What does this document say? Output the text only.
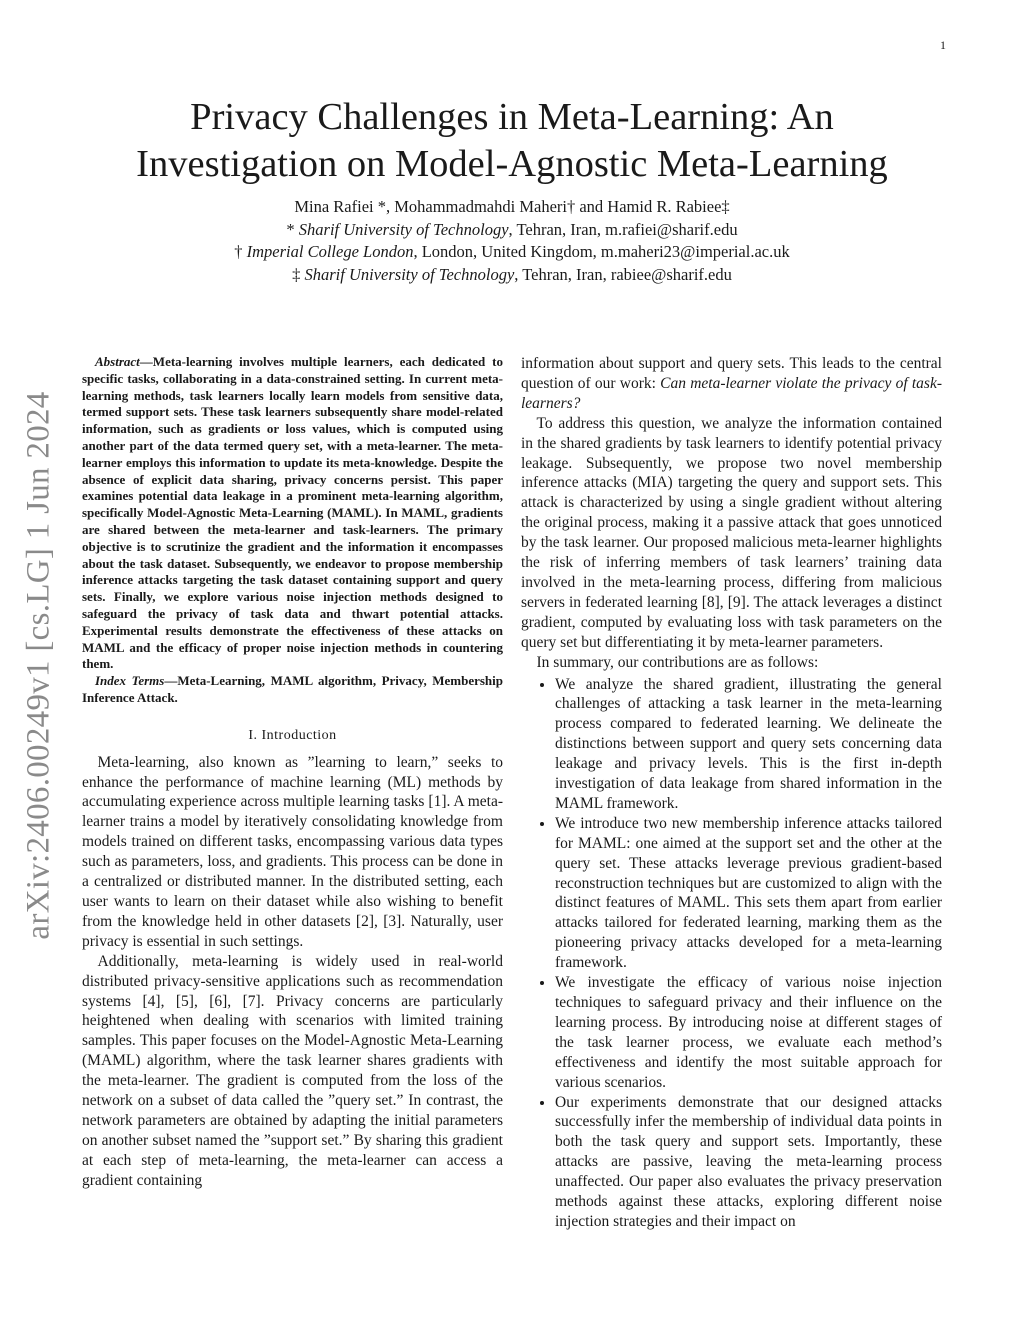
1
arXiv:2406.00249v1 [cs.LG] 1 Jun 2024
Privacy Challenges in Meta-Learning: An
Investigation on Model-Agnostic Meta-Learning
Mina Rafiei *, Mohammadmahdi Maheri† and Hamid R. Rabiee‡
* Sharif University of Technology, Tehran, Iran, m.rafiei@sharif.edu
† Imperial College London, London, United Kingdom, m.maheri23@imperial.ac.uk
‡ Sharif University of Technology, Tehran, Iran, rabiee@sharif.edu

Abstract—Meta-learning involves multiple learners, each dedicated to specific tasks, collaborating in a data-constrained setting. In current meta-learning methods, task learners locally learn models from sensitive data, termed support sets. These task learners subsequently share model-related information, such as gradients or loss values, which is computed using another part of the data termed query set, with a meta-learner. The meta-learner employs this information to update its meta-knowledge. Despite the absence of explicit data sharing, privacy concerns persist. This paper examines potential data leakage in a prominent meta-learning algorithm, specifically Model-Agnostic Meta-Learning (MAML). In MAML, gradients are shared between the meta-learner and task-learners. The primary objective is to scrutinize the gradient and the information it encompasses about the task dataset. Subsequently, we endeavor to propose membership inference attacks targeting the task dataset containing support and query sets. Finally, we explore various noise injection methods designed to safeguard the privacy of task data and thwart potential attacks. Experimental results demonstrate the effectiveness of these attacks on MAML and the efficacy of proper noise injection methods in countering them.

Index Terms—Meta-Learning, MAML algorithm, Privacy, Membership Inference Attack.

I. Introduction

Meta-learning, also known as ”learning to learn,” seeks to enhance the performance of machine learning (ML) methods by accumulating experience across multiple learning tasks [1]. A meta-learner trains a model by iteratively consolidating knowledge from models trained on different tasks, encompassing various data types such as parameters, loss, and gradients. This process can be done in a centralized or distributed manner. In the distributed setting, each user wants to learn on their dataset while also wishing to benefit from the knowledge held in other datasets [2], [3]. Naturally, user privacy is essential in such settings.

Additionally, meta-learning is widely used in real-world distributed privacy-sensitive applications such as recommendation systems [4], [5], [6], [7]. Privacy concerns are particularly heightened when dealing with scenarios with limited training samples. This paper focuses on the Model-Agnostic Meta-Learning (MAML) algorithm, where the task learner shares gradients with the meta-learner. The gradient is computed from the loss of the network on a subset of data called the ”query set.” In contrast, the network parameters are obtained by adapting the initial parameters on another subset named the ”support set.” By sharing this gradient at each step of meta-learning, the meta-learner can access a gradient containing

information about support and query sets. This leads to the central question of our work: Can meta-learner violate the privacy of task-learners?

To address this question, we analyze the information contained in the shared gradients by task learners to identify potential privacy leakage. Subsequently, we propose two novel membership inference attacks (MIA) targeting the query and support sets. This attack is characterized by using a single gradient without altering the original process, making it a passive attack that goes unnoticed by the task learner. Our proposed malicious meta-learner highlights the risk of inferring members of task learners’ training data involved in the meta-learning process, differing from malicious servers in federated learning [8], [9]. The attack leverages a distinct gradient, computed by evaluating loss with task parameters on the query set but differentiating it by meta-learner parameters.

In summary, our contributions are as follows:

• We analyze the shared gradient, illustrating the general challenges of attacking a task learner in the meta-learning process compared to federated learning. We delineate the distinctions between support and query sets concerning data leakage and privacy levels. This is the first in-depth investigation of data leakage from shared information in the MAML framework.
• We introduce two new membership inference attacks tailored for MAML: one aimed at the support set and the other at the query set. These attacks leverage previous gradient-based reconstruction techniques but are customized to align with the distinct features of MAML. This sets them apart from earlier attacks tailored for federated learning, marking them as the pioneering privacy attacks developed for a meta-learning framework.
• We investigate the efficacy of various noise injection techniques to safeguard privacy and their influence on the learning process. By introducing noise at different stages of the task learner process, we evaluate each method’s effectiveness and identify the most suitable approach for various scenarios.
• Our experiments demonstrate that our designed attacks successfully infer the membership of individual data points in both the task query and support sets. Importantly, these attacks are passive, leaving the meta-learning process unaffected. Our paper also evaluates the privacy preservation methods against these attacks, exploring different noise injection strategies and their impact on
